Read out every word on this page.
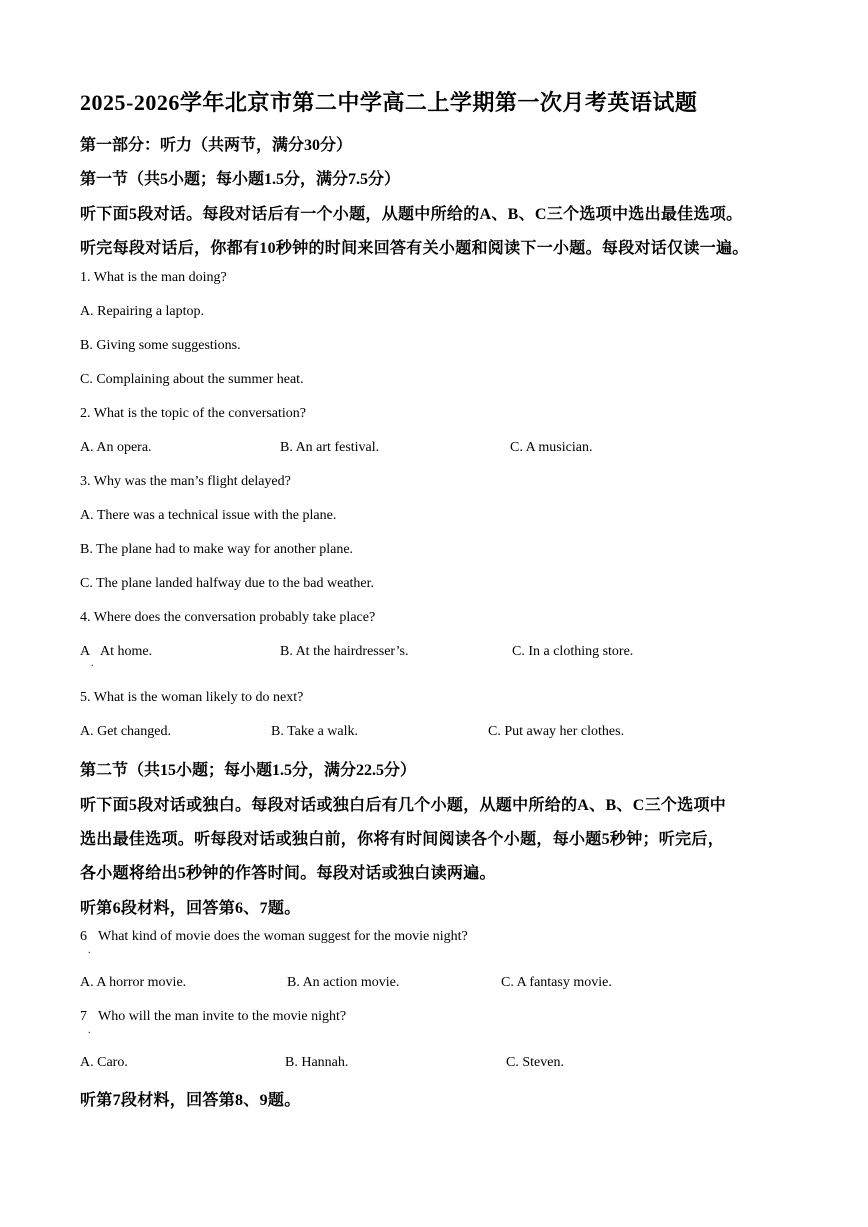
2025-2026学年北京市第二中学高二上学期第一次月考英语试题
第一部分：听力（共两节，满分30分）
第一节（共5小题；每小题1.5分，满分7.5分）
听下面5段对话。每段对话后有一个小题，从题中所给的A、B、C三个选项中选出最佳选项。
听完每段对话后，你都有10秒钟的时间来回答有关小题和阅读下一小题。每段对话仅读一遍。
1. What is the man doing?
A. Repairing a laptop.
B. Giving some suggestions.
C. Complaining about the summer heat.
2. What is the topic of the conversation?
A. An opera.	B. An art festival.	C. A musician.
3. Why was the man’s flight delayed?
A. There was a technical issue with the plane.
B. The plane had to make way for another plane.
C. The plane landed halfway due to the bad weather.
4. Where does the conversation probably take place?
A
.
At home.	B. At the hairdresser’s.	C. In a clothing store.
5. What is the woman likely to do next?
A. Get changed.	B. Take a walk.	C. Put away her clothes.
第二节（共15小题；每小题1.5分，满分22.5分）
听下面5段对话或独白。每段对话或独白后有几个小题，从题中所给的A、B、C三个选项中
选出最佳选项。听每段对话或独白前，你将有时间阅读各个小题，每小题5秒钟；听完后，
各小题将给出5秒钟的作答时间。每段对话或独白读两遍。
听第6段材料，回答第6、7题。
6
.
What kind of movie does the woman suggest for the movie night?
A. A horror movie.	B. An action movie.	C. A fantasy movie.
7
.
Who will the man invite to the movie night?
A. Caro.	B. Hannah.	C. Steven.
听第7段材料，回答第8、9题。
